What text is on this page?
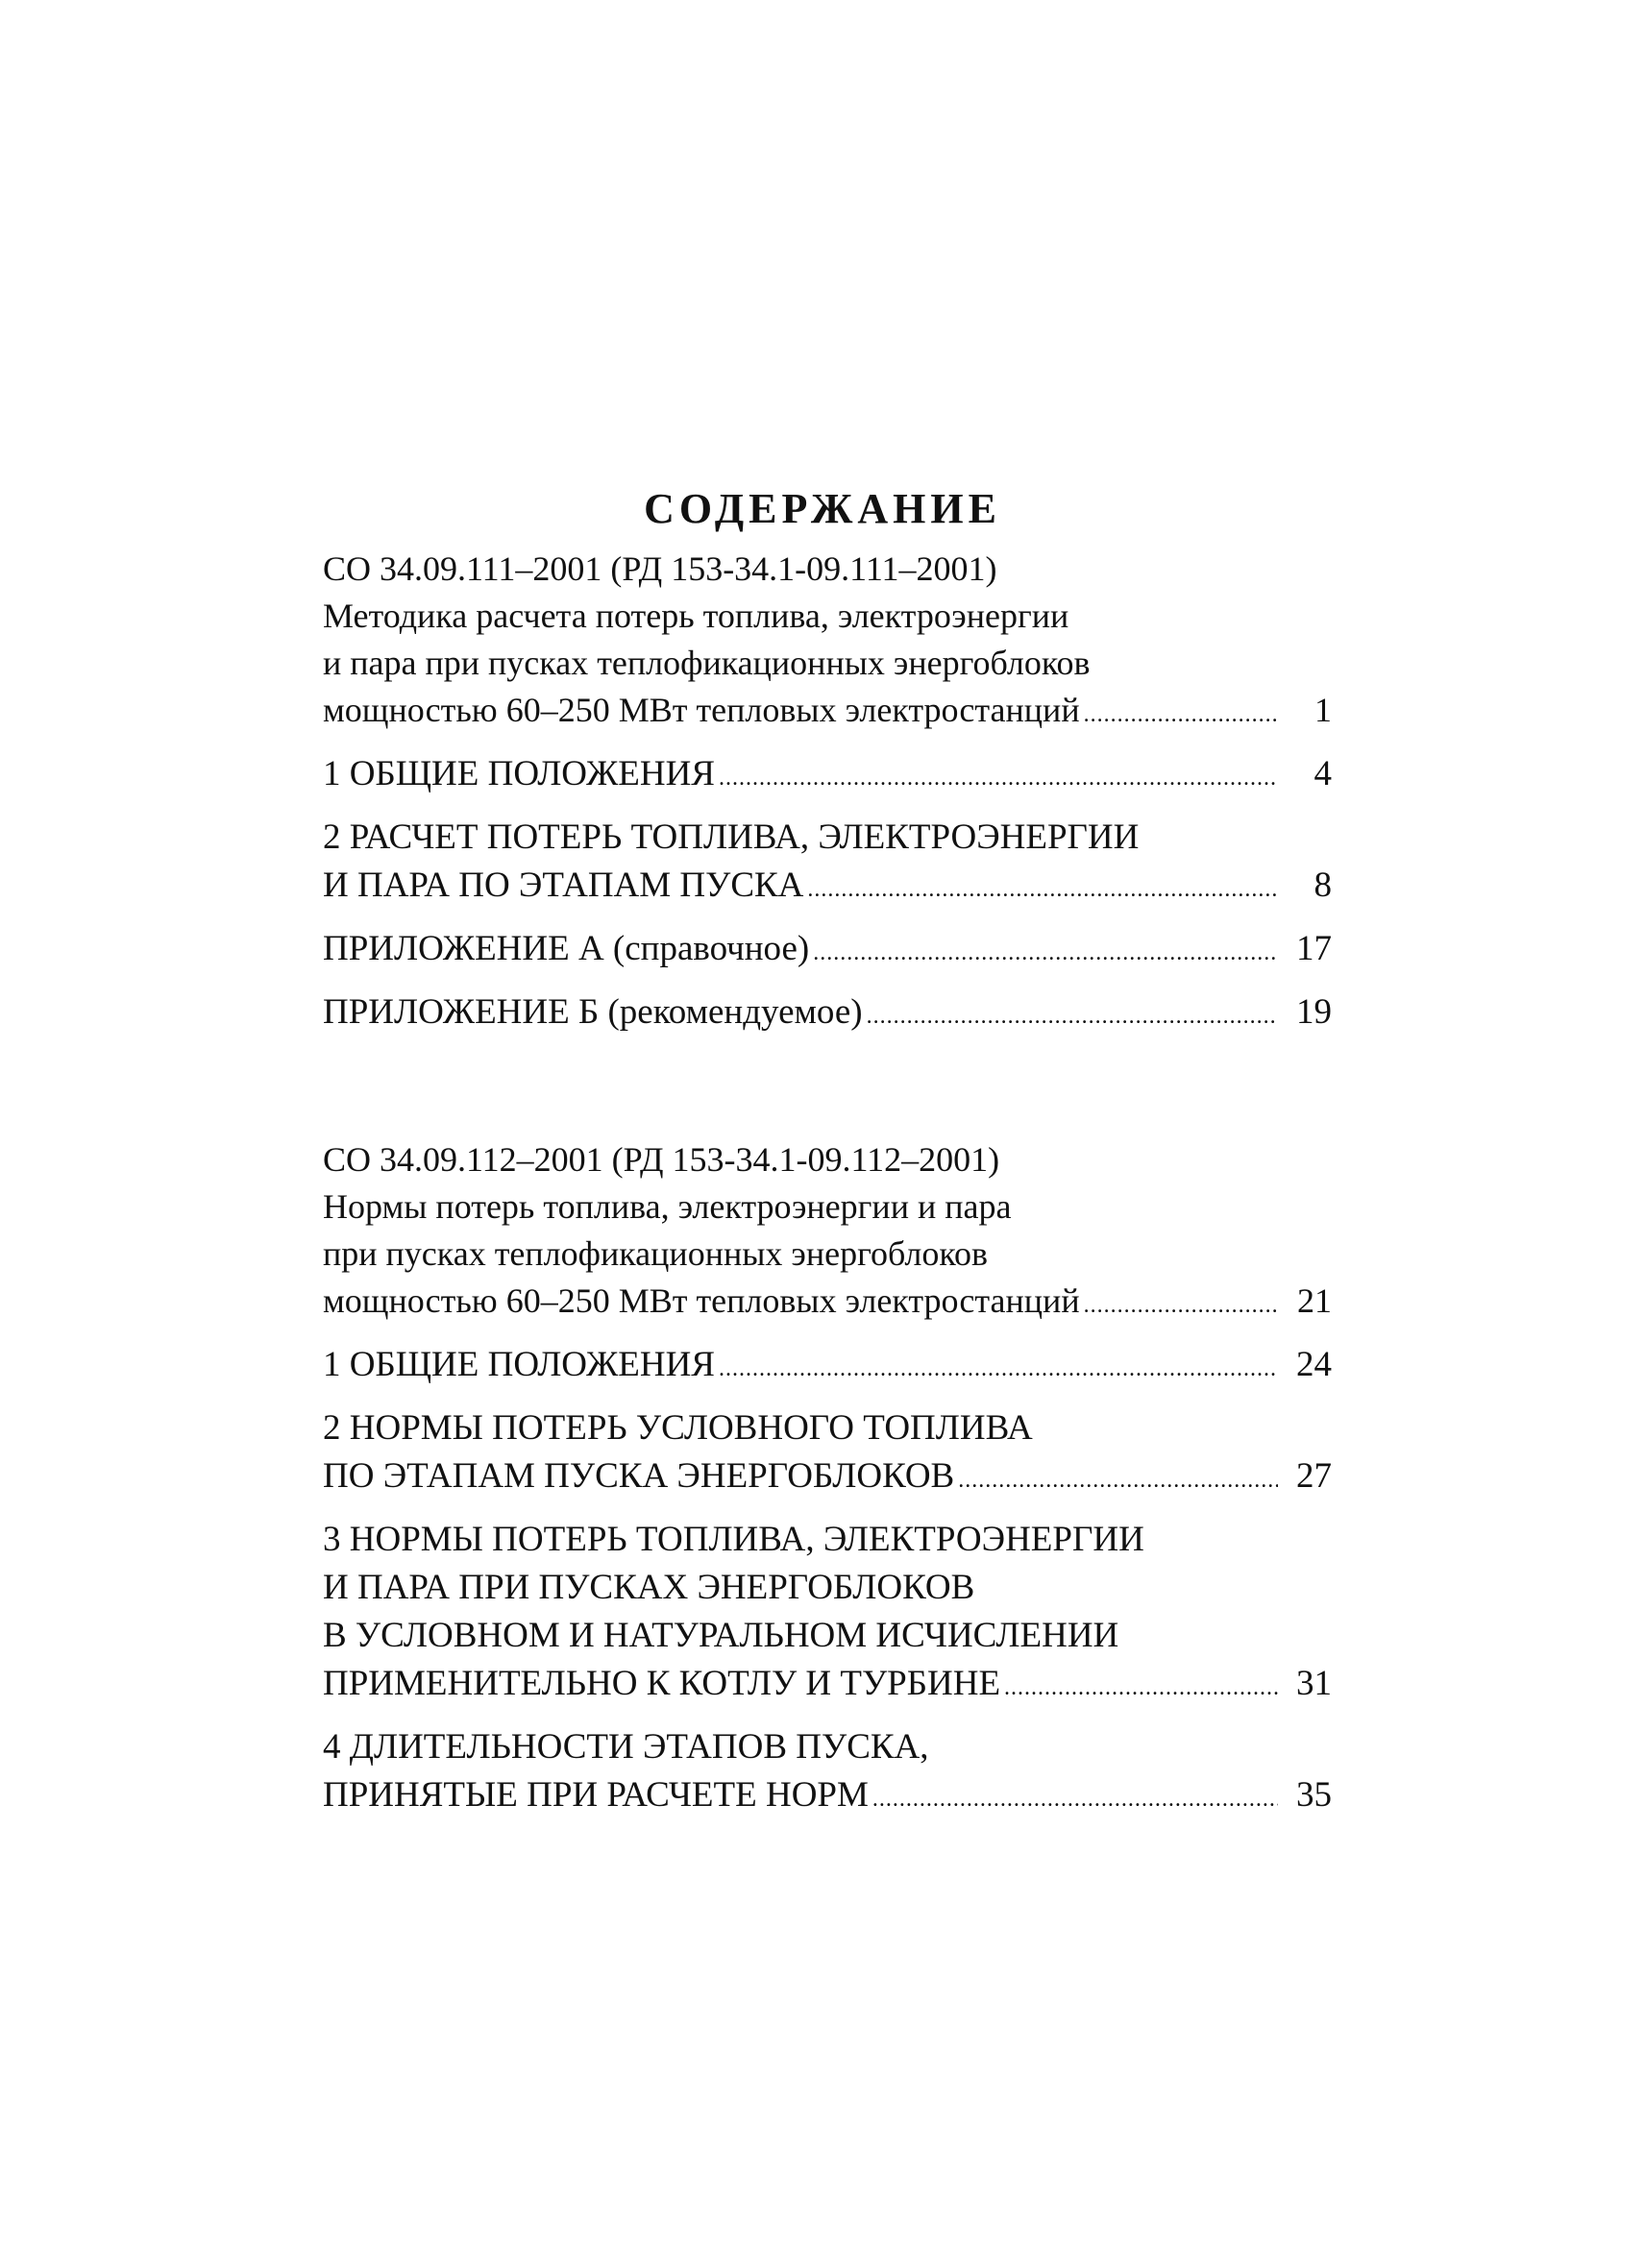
СОДЕРЖАНИЕ
СО 34.09.111–2001 (РД 153-34.1-09.111–2001)
Методика расчета потерь топлива, электроэнергии
и пара при пусках теплофикационных энергоблоков
мощностью 60–250 МВт тепловых электростанций .....	1
1 ОБЩИЕ ПОЛОЖЕНИЯ .....	4
2 РАСЧЕТ ПОТЕРЬ ТОПЛИВА, ЭЛЕКТРОЭНЕРГИИ
И ПАРА ПО ЭТАПАМ ПУСКА .....	8
ПРИЛОЖЕНИЕ А (справочное) .....	17
ПРИЛОЖЕНИЕ Б (рекомендуемое) .....	19
СО 34.09.112–2001 (РД 153-34.1-09.112–2001)
Нормы потерь топлива, электроэнергии и пара
при пусках теплофикационных энергоблоков
мощностью 60–250 МВт тепловых электростанций .....	21
1 ОБЩИЕ ПОЛОЖЕНИЯ .....	24
2 НОРМЫ ПОТЕРЬ УСЛОВНОГО ТОПЛИВА
ПО ЭТАПАМ ПУСКА ЭНЕРГОБЛОКОВ .....	27
3 НОРМЫ ПОТЕРЬ ТОПЛИВА, ЭЛЕКТРОЭНЕРГИИ
И ПАРА ПРИ ПУСКАХ ЭНЕРГОБЛОКОВ
В УСЛОВНОМ И НАТУРАЛЬНОМ ИСЧИСЛЕНИИ
ПРИМЕНИТЕЛЬНО К КОТЛУ И ТУРБИНЕ .....	31
4 ДЛИТЕЛЬНОСТИ ЭТАПОВ ПУСКА,
ПРИНЯТЫЕ ПРИ РАСЧЕТЕ НОРМ .....	35
